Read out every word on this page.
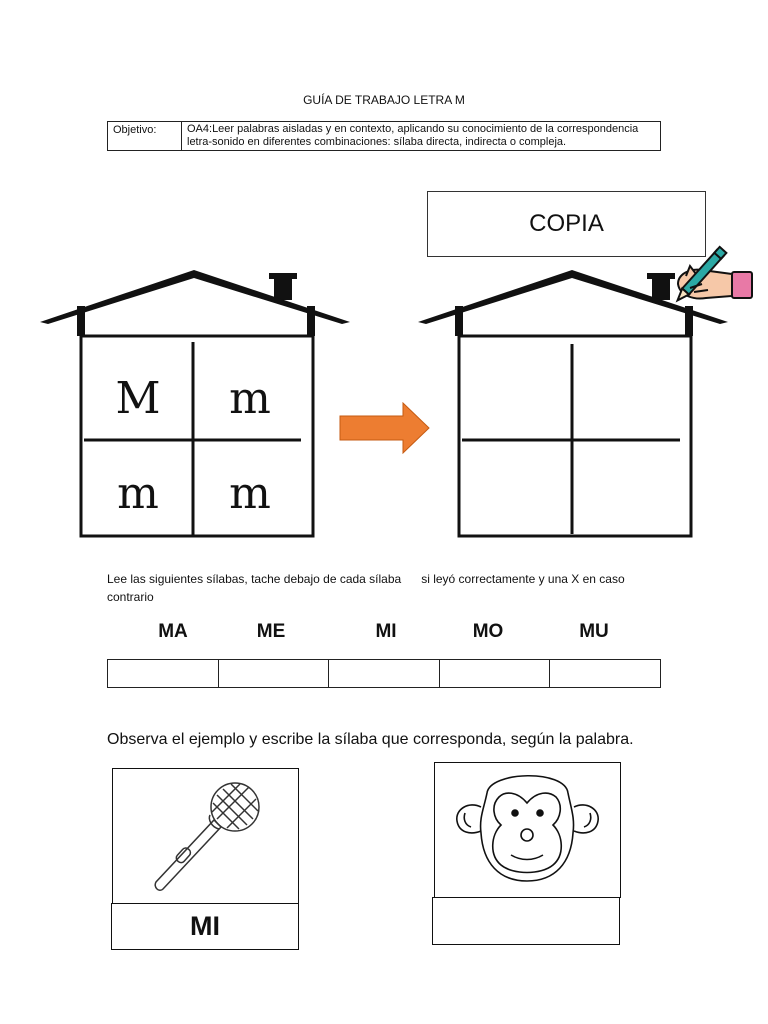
GUÍA DE TRABAJO LETRA M
Objetivo:	OA4:Leer palabras aisladas y en contexto, aplicando su conocimiento de la correspondencia letra-sonido en diferentes combinaciones: sílaba directa, indirecta o compleja.
COPIA
M m
m m
Lee las siguientes sílabas, tache debajo de cada sílaba      si leyó correctamente y una X en caso contrario
MA	ME	MI	MO	MU
Observa el ejemplo y escribe la sílaba que corresponda, según la palabra.
MI
